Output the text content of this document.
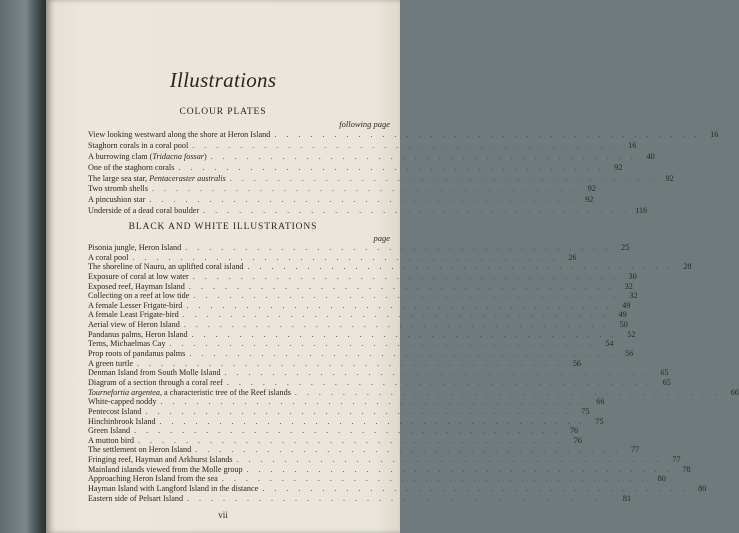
Illustrations
COLOUR PLATES
following page
View looking westward along the shore at Heron Island . . . . . . . . . . . . . . . . . . . . . . . . . . . . . . . . . . . .	16
Staghorn corals in a coral pool . . . . . . . . . . . . . . . . . . . . . . . . . . . . . . . . . . . .	16
A burrowing clam (Tridacna fossar) . . . . . . . . . . . . . . . . . . . . . . . . . . . . . . . . . . . .	40
One of the staghorn corals . . . . . . . . . . . . . . . . . . . . . . . . . . . . . . . . . . . .	92
The large sea star, Pentaceraster australis . . . . . . . . . . . . . . . . . . . . . . . . . . . . . . . . . . . .	92
Two stromb shells . . . . . . . . . . . . . . . . . . . . . . . . . . . . . . . . . . . .	92
A pincushion star . . . . . . . . . . . . . . . . . . . . . . . . . . . . . . . . . . . .	92
Underside of a dead coral boulder . . . . . . . . . . . . . . . . . . . . . . . . . . . . . . . . . . . . 116
BLACK AND WHITE ILLUSTRATIONS
page
Pisonia jungle, Heron Island . . . . . . . . . . . . . . . . . . . . . . . . . . . . . . . . . . . .	25
A coral pool . . . . . . . . . . . . . . . . . . . . . . . . . . . . . . . . . . . .	26
The shoreline of Nauru, an uplifted coral island . . . . . . . . . . . . . . . . . . . . . . . . . . . . . . . . . . . .	28
Exposure of coral at low water . . . . . . . . . . . . . . . . . . . . . . . . . . . . . . . . . . . .	30
Exposed reef, Hayman Island . . . . . . . . . . . . . . . . . . . . . . . . . . . . . . . . . . . .	32
Collecting on a reef at low tide . . . . . . . . . . . . . . . . . . . . . . . . . . . . . . . . . . . .	32
A female Lesser Frigate-bird . . . . . . . . . . . . . . . . . . . . . . . . . . . . . . . . . . . .	49
A female Least Frigate-bird . . . . . . . . . . . . . . . . . . . . . . . . . . . . . . . . . . . .	49
Aerial view of Heron Island . . . . . . . . . . . . . . . . . . . . . . . . . . . . . . . . . . . .	50
Pandanus palms, Heron Island . . . . . . . . . . . . . . . . . . . . . . . . . . . . . . . . . . . .	52
Terns, Michaelmas Cay . . . . . . . . . . . . . . . . . . . . . . . . . . . . . . . . . . . .	54
Prop roots of pandanus palms . . . . . . . . . . . . . . . . . . . . . . . . . . . . . . . . . . . .	56
A green turtle . . . . . . . . . . . . . . . . . . . . . . . . . . . . . . . . . . . .	56
Denman Island from South Molle Island . . . . . . . . . . . . . . . . . . . . . . . . . . . . . . . . . . . .	65
Diagram of a section through a coral reef . . . . . . . . . . . . . . . . . . . . . . . . . . . . . . . . . . . .	65
Tournefortia argentea, a characteristic tree of the Reef islands . . . . . . . . . . . . . . . . . . . . . . . . . . . . . . . . . . . .	66
White-capped noddy . . . . . . . . . . . . . . . . . . . . . . . . . . . . . . . . . . . .	66
Pentecost Island . . . . . . . . . . . . . . . . . . . . . . . . . . . . . . . . . . . .	75
Hinchinbrook Island . . . . . . . . . . . . . . . . . . . . . . . . . . . . . . . . . . . .	75
Green Island . . . . . . . . . . . . . . . . . . . . . . . . . . . . . . . . . . . .	76
A mutton bird . . . . . . . . . . . . . . . . . . . . . . . . . . . . . . . . . . . .	76
The settlement on Heron Island . . . . . . . . . . . . . . . . . . . . . . . . . . . . . . . . . . . .	77
Fringing reef, Hayman and Arkhurst Islands . . . . . . . . . . . . . . . . . . . . . . . . . . . . . . . . . . . .	77
Mainland islands viewed from the Molle group . . . . . . . . . . . . . . . . . . . . . . . . . . . . . . . . . . . .	78
Approaching Heron Island from the sea . . . . . . . . . . . . . . . . . . . . . . . . . . . . . . . . . . . .	80
Hayman Island with Langford Island in the distance . . . . . . . . . . . . . . . . . . . . . . . . . . . . . . . . . . . .	80
Eastern side of Pelsart Island . . . . . . . . . . . . . . . . . . . . . . . . . . . . . . . . . . . .	81

vii
